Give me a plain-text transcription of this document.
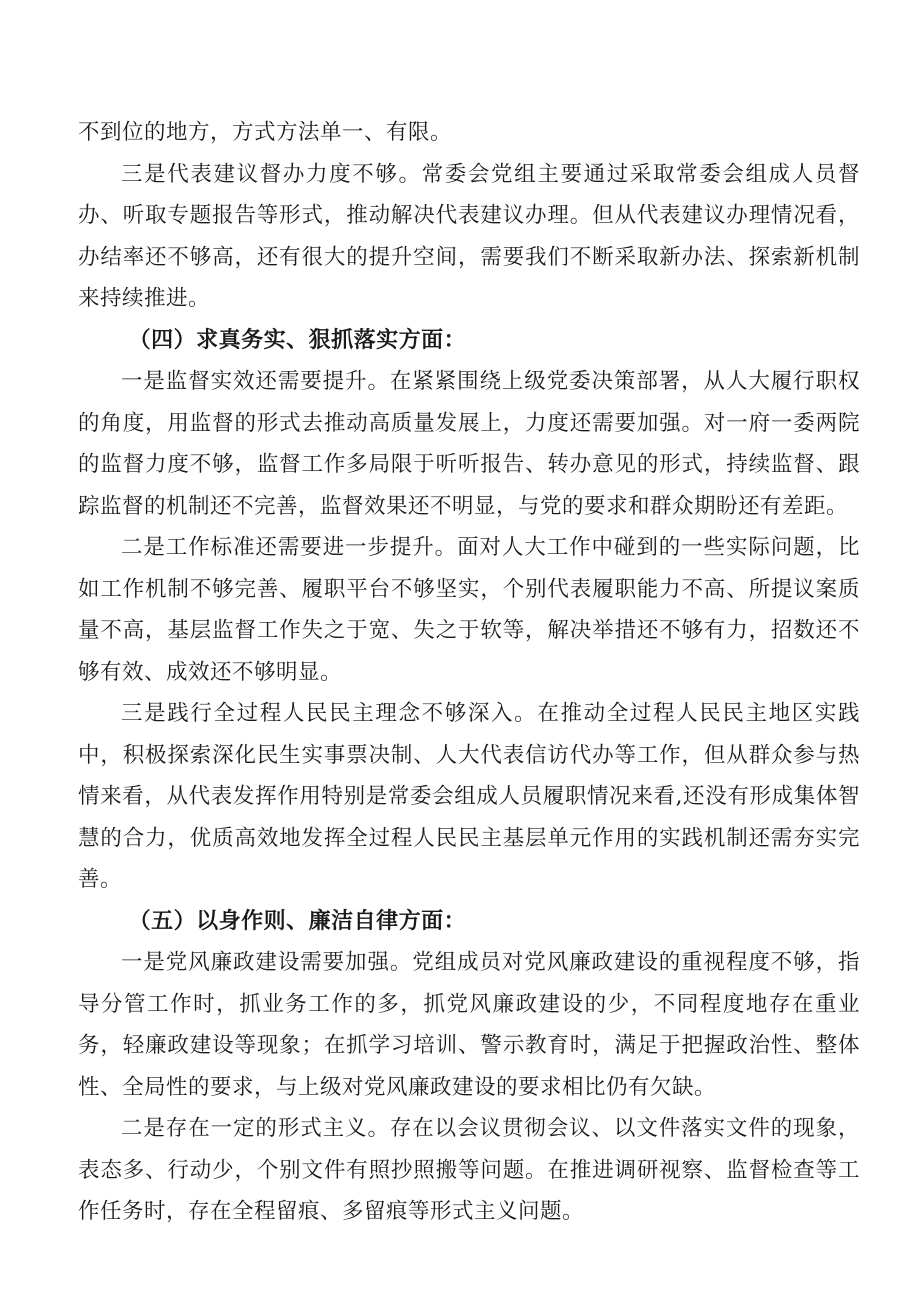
不到位的地方，方式方法单一、有限。

三是代表建议督办力度不够。常委会党组主要通过采取常委会组成人员督办、听取专题报告等形式，推动解决代表建议办理。但从代表建议办理情况看，办结率还不够高，还有很大的提升空间，需要我们不断采取新办法、探索新机制来持续推进。

（四）求真务实、狠抓落实方面：

一是监督实效还需要提升。在紧紧围绕上级党委决策部署，从人大履行职权的角度，用监督的形式去推动高质量发展上，力度还需要加强。对一府一委两院的监督力度不够，监督工作多局限于听听报告、转办意见的形式，持续监督、跟踪监督的机制还不完善，监督效果还不明显，与党的要求和群众期盼还有差距。

二是工作标准还需要进一步提升。面对人大工作中碰到的一些实际问题，比如工作机制不够完善、履职平台不够坚实，个别代表履职能力不高、所提议案质量不高，基层监督工作失之于宽、失之于软等，解决举措还不够有力，招数还不够有效、成效还不够明显。

三是践行全过程人民民主理念不够深入。在推动全过程人民民主地区实践中，积极探索深化民生实事票决制、人大代表信访代办等工作，但从群众参与热情来看，从代表发挥作用特别是常委会组成人员履职情况来看,还没有形成集体智慧的合力，优质高效地发挥全过程人民民主基层单元作用的实践机制还需夯实完善。

（五）以身作则、廉洁自律方面：

一是党风廉政建设需要加强。党组成员对党风廉政建设的重视程度不够，指导分管工作时，抓业务工作的多，抓党风廉政建设的少，不同程度地存在重业务，轻廉政建设等现象；在抓学习培训、警示教育时，满足于把握政治性、整体性、全局性的要求，与上级对党风廉政建设的要求相比仍有欠缺。

二是存在一定的形式主义。存在以会议贯彻会议、以文件落实文件的现象，表态多、行动少，个别文件有照抄照搬等问题。在推进调研视察、监督检查等工作任务时，存在全程留痕、多留痕等形式主义问题。
